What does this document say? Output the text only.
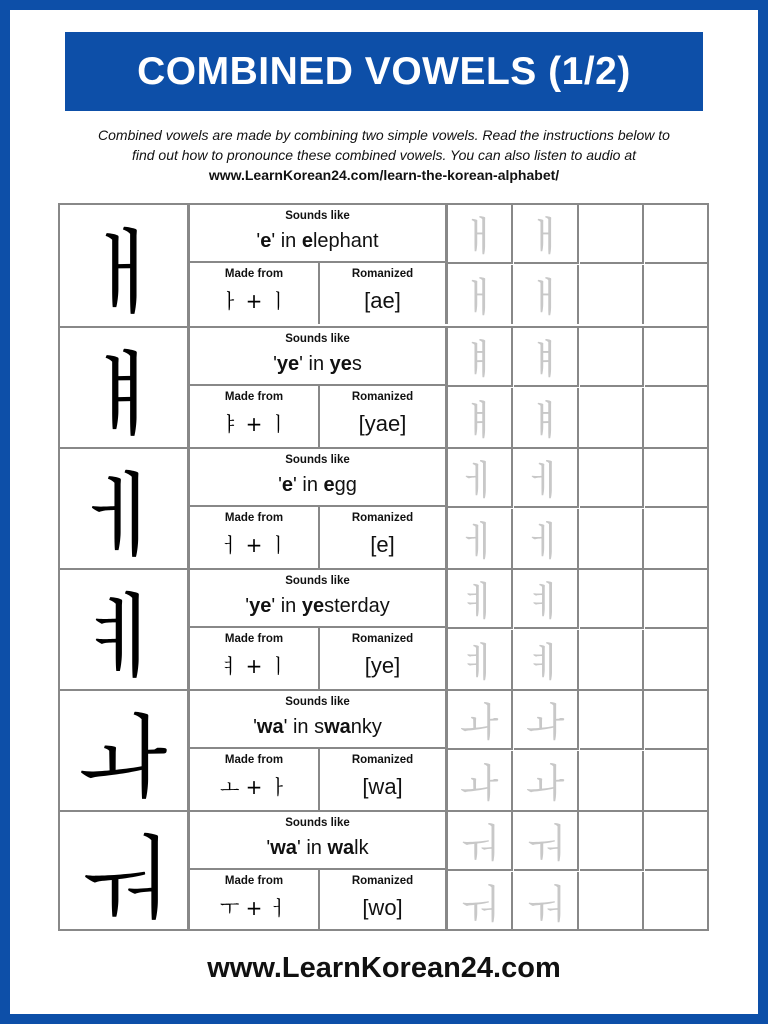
COMBINED VOWELS (1/2)
Combined vowels are made by combining two simple vowels. Read the instructions below to
find out how to pronounce these combined vowels. You can also listen to audio at
www.LearnKorean24.com/learn-the-korean-alphabet/
ㅐ
Sounds like
'e' in elephant
Made from
ㅏ + ㅣ
Romanized
[ae]
ㅐ
ㅐ
ㅐ
ㅐ
ㅒ
Sounds like
'ye' in yes
Made from
ㅑ + ㅣ
Romanized
[yae]
ㅒ
ㅒ
ㅒ
ㅒ
ㅔ
Sounds like
'e' in egg
Made from
ㅓ + ㅣ
Romanized
[e]
ㅔ
ㅔ
ㅔ
ㅔ
ㅖ
Sounds like
'ye' in yesterday
Made from
ㅕ + ㅣ
Romanized
[ye]
ㅖ
ㅖ
ㅖ
ㅖ
ㅘ
Sounds like
'wa' in swanky
Made from
ㅗ + ㅏ
Romanized
[wa]
ㅘ
ㅘ
ㅘ
ㅘ
ㅝ
Sounds like
'wa' in walk
Made from
ㅜ + ㅓ
Romanized
[wo]
ㅝ
ㅝ
ㅝ
ㅝ
www.LearnKorean24.com
